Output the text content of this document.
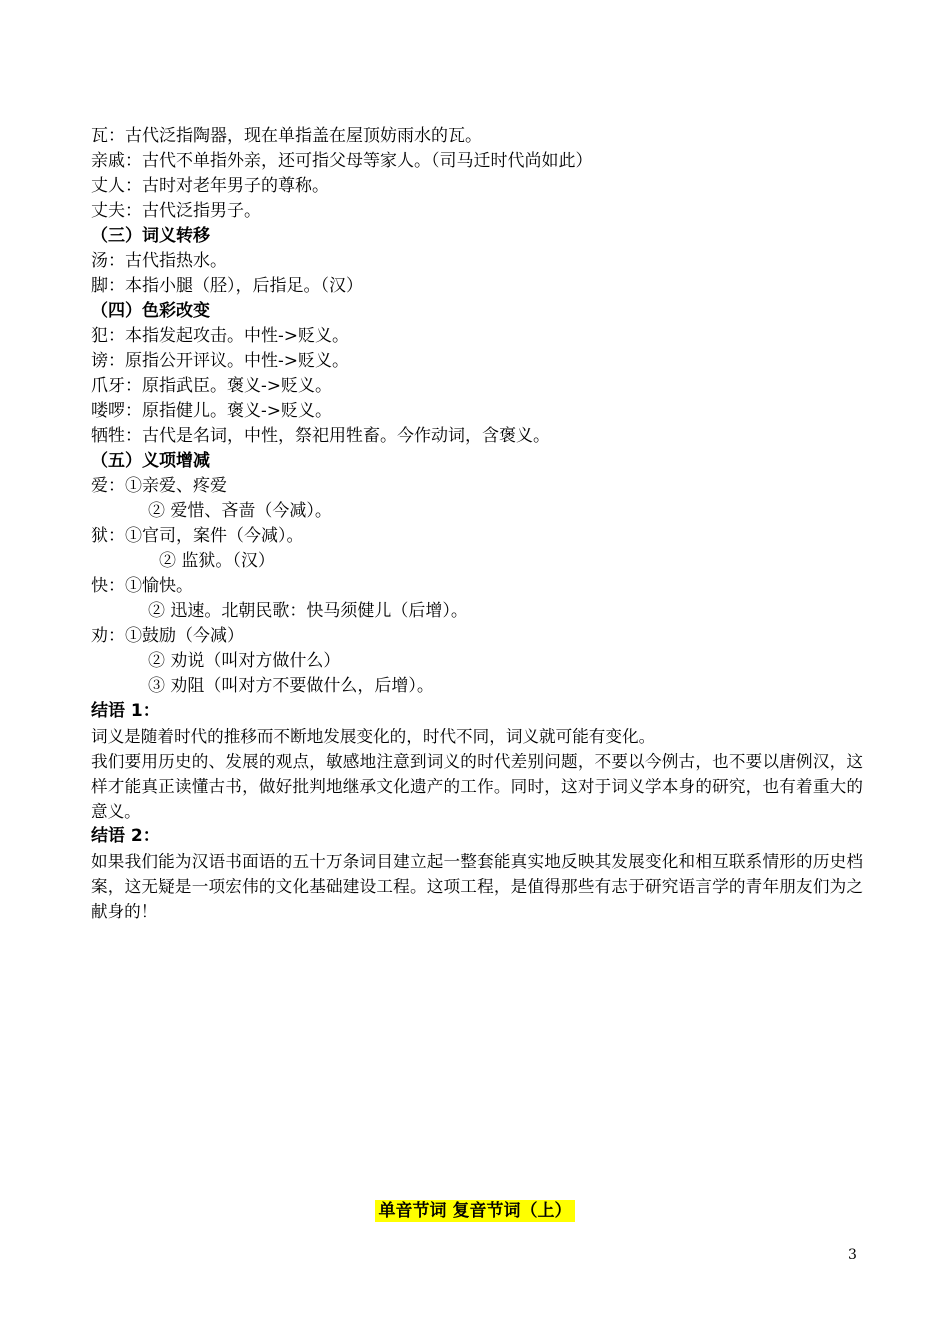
瓦：古代泛指陶器，现在单指盖在屋顶妨雨水的瓦。
亲戚：古代不单指外亲，还可指父母等家人。（司马迁时代尚如此）
丈人：古时对老年男子的尊称。
丈夫：古代泛指男子。
（三）词义转移
汤：古代指热水。
脚：本指小腿（胫），后指足。（汉）
（四）色彩改变
犯：本指发起攻击。中性->贬义。
谤：原指公开评议。中性->贬义。
爪牙：原指武臣。褒义->贬义。
喽啰：原指健儿。褒义->贬义。
牺牲：古代是名词，中性，祭祀用牲畜。今作动词，含褒义。
（五）义项增减
爱：①亲爱、疼爱
② 爱惜、吝啬（今减）。
狱：①官司，案件（今减）。
② 监狱。（汉）
快：①愉快。
② 迅速。北朝民歌：快马须健儿（后增）。
劝：①鼓励（今减）
② 劝说（叫对方做什么）
③ 劝阻（叫对方不要做什么，后增）。
结语 1：
词义是随着时代的推移而不断地发展变化的，时代不同，词义就可能有变化。
我们要用历史的、发展的观点，敏感地注意到词义的时代差别问题，不要以今例古，也不要以唐例汉，这样才能真正读懂古书，做好批判地继承文化遗产的工作。同时，这对于词义学本身的研究，也有着重大的意义。
结语 2：
如果我们能为汉语书面语的五十万条词目建立起一整套能真实地反映其发展变化和相互联系情形的历史档案，这无疑是一项宏伟的文化基础建设工程。这项工程，是值得那些有志于研究语言学的青年朋友们为之献身的！
单音节词 复音节词（上）
3
